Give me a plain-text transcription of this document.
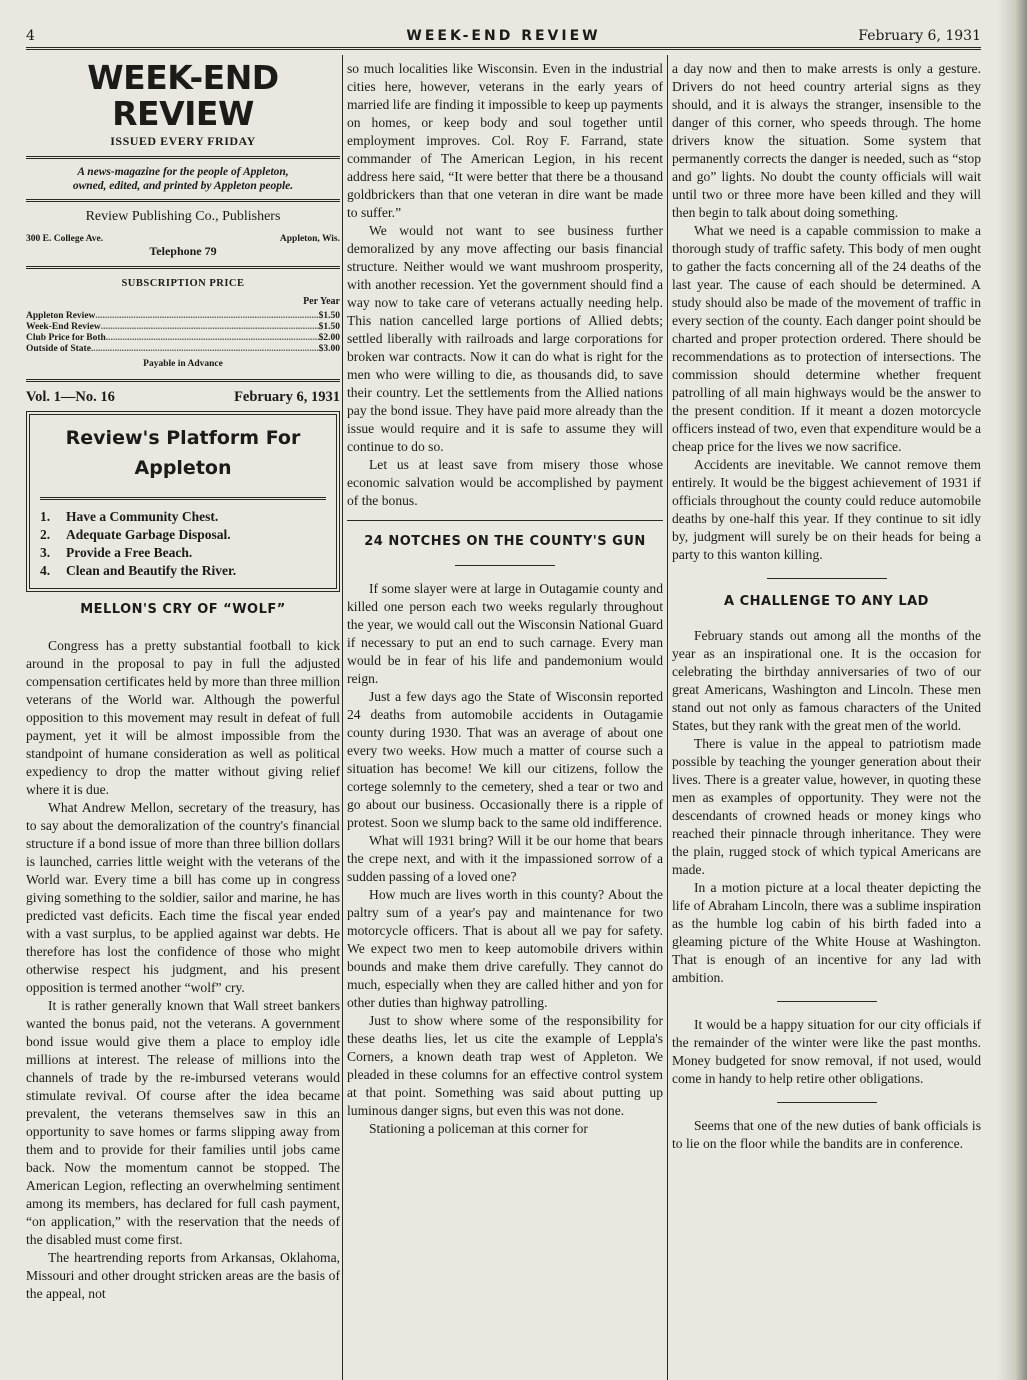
4	WEEK-END REVIEW	February 6, 1931
WEEK-END REVIEW
ISSUED EVERY FRIDAY
A news-magazine for the people of Appleton,
owned, edited, and printed by Appleton people.
Review Publishing Co., Publishers
300 E. College Ave.	Appleton, Wis.
Telephone 79
SUBSCRIPTION PRICE
Per Year
Appleton Review .....	$1.50
Week-End Review .....	$1.50
Club Price for Both .....	$2.00
Outside of State .....	$3.00
Payable in Advance
Vol. 1—No. 16	February 6, 1931
Review's Platform For
Appleton
1.	Have a Community Chest.
2.	Adequate Garbage Disposal.
3.	Provide a Free Beach.
4.	Clean and Beautify the River.
MELLON'S CRY OF “WOLF”

Congress has a pretty substantial football to kick around in the proposal to pay in full the adjusted compensation certificates held by more than three million veterans of the World war. Although the powerful opposition to this movement may result in defeat of full payment, yet it will be almost impossible from the standpoint of humane consideration as well as political expediency to drop the matter without giving relief where it is due.

What Andrew Mellon, secretary of the treasury, has to say about the demoralization of the country's financial structure if a bond issue of more than three billion dollars is launched, carries little weight with the veterans of the World war. Every time a bill has come up in congress giving something to the soldier, sailor and marine, he has predicted vast deficits. Each time the fiscal year ended with a vast surplus, to be applied against war debts. He therefore has lost the confidence of those who might otherwise respect his judgment, and his present opposition is termed another “wolf” cry.

It is rather generally known that Wall street bankers wanted the bonus paid, not the veterans. A government bond issue would give them a place to employ idle millions at interest. The release of millions into the channels of trade by the re-imbursed veterans would stimulate revival. Of course after the idea became prevalent, the veterans themselves saw in this an opportunity to save homes or farms slipping away from them and to provide for their families until jobs came back. Now the momentum cannot be stopped. The American Legion, reflecting an overwhelming sentiment among its members, has declared for full cash payment, “on application,” with the reservation that the needs of the disabled must come first.

The heartrending reports from Arkansas, Oklahoma, Missouri and other drought stricken areas are the basis of the appeal, not

so much localities like Wisconsin. Even in the industrial cities here, however, veterans in the early years of married life are finding it impossible to keep up payments on homes, or keep body and soul together until employment improves. Col. Roy F. Farrand, state commander of The American Legion, in his recent address here said, “It were better that there be a thousand goldbrickers than that one veteran in dire want be made to suffer.”

We would not want to see business further demoralized by any move affecting our basis financial structure. Neither would we want mushroom prosperity, with another recession. Yet the government should find a way now to take care of veterans actually needing help. This nation cancelled large portions of Allied debts; settled liberally with railroads and large corporations for broken war contracts. Now it can do what is right for the men who were willing to die, as thousands did, to save their country. Let the settlements from the Allied nations pay the bond issue. They have paid more already than the issue would require and it is safe to assume they will continue to do so.

Let us at least save from misery those whose economic salvation would be accomplished by payment of the bonus.

24 NOTCHES ON THE COUNTY'S GUN

If some slayer were at large in Outagamie county and killed one person each two weeks regularly throughout the year, we would call out the Wisconsin National Guard if necessary to put an end to such carnage. Every man would be in fear of his life and pandemonium would reign.

Just a few days ago the State of Wisconsin reported 24 deaths from automobile accidents in Outagamie county during 1930. That was an average of about one every two weeks. How much a matter of course such a situation has become! We kill our citizens, follow the cortege solemnly to the cemetery, shed a tear or two and go about our business. Occasionally there is a ripple of protest. Soon we slump back to the same old indifference.

What will 1931 bring? Will it be our home that bears the crepe next, and with it the impassioned sorrow of a sudden passing of a loved one?

How much are lives worth in this county? About the paltry sum of a year's pay and maintenance for two motorcycle officers. That is about all we pay for safety. We expect two men to keep automobile drivers within bounds and make them drive carefully. They cannot do much, especially when they are called hither and yon for other duties than highway patrolling.

Just to show where some of the responsibility for these deaths lies, let us cite the example of Leppla's Corners, a known death trap west of Appleton. We pleaded in these columns for an effective control system at that point. Something was said about putting up luminous danger signs, but even this was not done.

Stationing a policeman at this corner for

a day now and then to make arrests is only a gesture. Drivers do not heed country arterial signs as they should, and it is always the stranger, insensible to the danger of this corner, who speeds through. The home drivers know the situation. Some system that permanently corrects the danger is needed, such as “stop and go” lights. No doubt the county officials will wait until two or three more have been killed and they will then begin to talk about doing something.

What we need is a capable commission to make a thorough study of traffic safety. This body of men ought to gather the facts concerning all of the 24 deaths of the last year. The cause of each should be determined. A study should also be made of the movement of traffic in every section of the county. Each danger point should be charted and proper protection ordered. There should be recommendations as to protection of intersections. The commission should determine whether frequent patrolling of all main highways would be the answer to the present condition. If it meant a dozen motorcycle officers instead of two, even that expenditure would be a cheap price for the lives we now sacrifice.

Accidents are inevitable. We cannot remove them entirely. It would be the biggest achievement of 1931 if officials throughout the county could reduce automobile deaths by one-half this year. If they continue to sit idly by, judgment will surely be on their heads for being a party to this wanton killing.

A CHALLENGE TO ANY LAD

February stands out among all the months of the year as an inspirational one. It is the occasion for celebrating the birthday anniversaries of two of our great Americans, Washington and Lincoln. These men stand out not only as famous characters of the United States, but they rank with the great men of the world.

There is value in the appeal to patriotism made possible by teaching the younger generation about their lives. There is a greater value, however, in quoting these men as examples of opportunity. They were not the descendants of crowned heads or money kings who reached their pinnacle through inheritance. They were the plain, rugged stock of which typical Americans are made.

In a motion picture at a local theater depicting the life of Abraham Lincoln, there was a sublime inspiration as the humble log cabin of his birth faded into a gleaming picture of the White House at Washington. That is enough of an incentive for any lad with ambition.

It would be a happy situation for our city officials if the remainder of the winter were like the past months. Money budgeted for snow removal, if not used, would come in handy to help retire other obligations.

Seems that one of the new duties of bank officials is to lie on the floor while the bandits are in conference.
